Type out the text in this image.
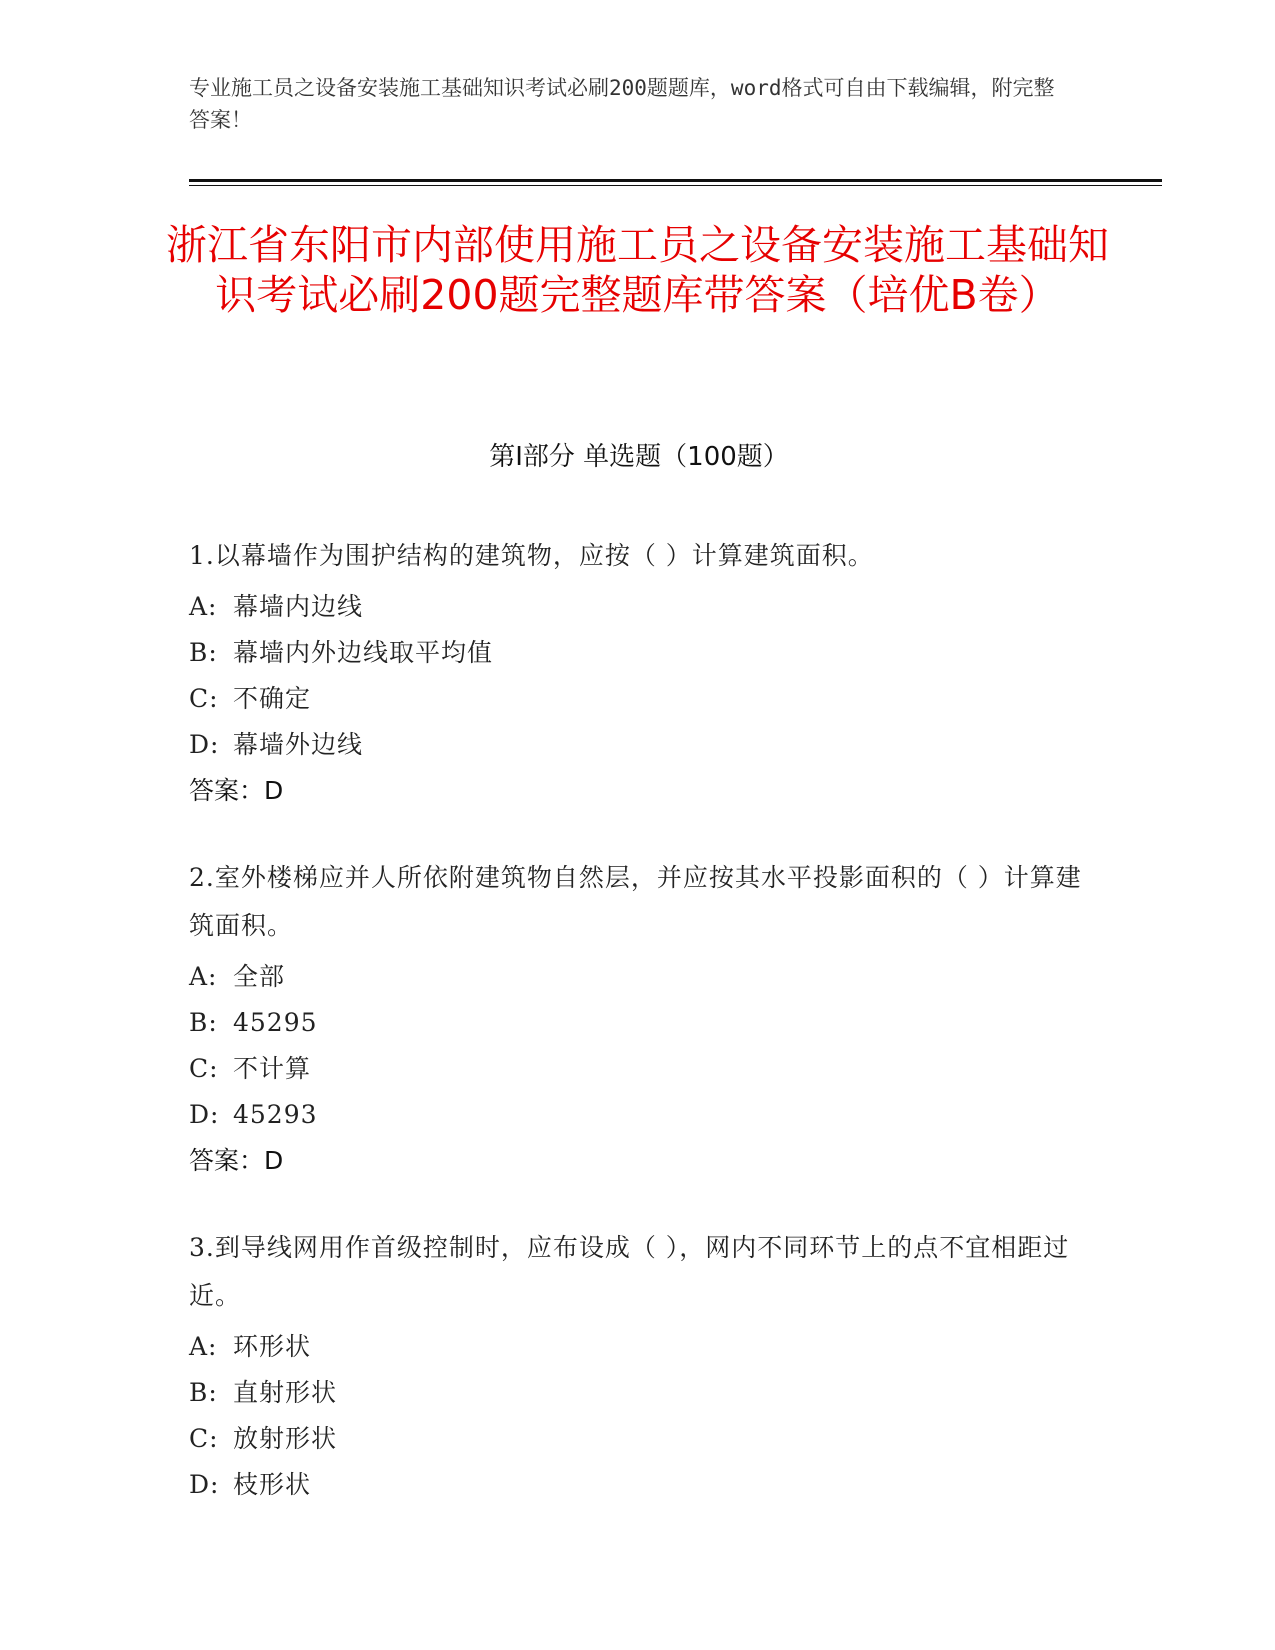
专业施工员之设备安装施工基础知识考试必刷200题题库，word格式可自由下载编辑，附完整答案！
浙江省东阳市内部使用施工员之设备安装施工基础知识考试必刷200题完整题库带答案（培优B卷）
第Ⅰ部分 单选题（100题）
1.以幕墙作为围护结构的建筑物，应按（ ）计算建筑面积。
A: 幕墙内边线
B: 幕墙内外边线取平均值
C: 不确定
D: 幕墙外边线
答案：D
2.室外楼梯应并人所依附建筑物自然层，并应按其水平投影面积的（ ）计算建筑面积。
A: 全部
B: 45295
C: 不计算
D: 45293
答案：D
3.到导线网用作首级控制时，应布设成（ ），网内不同环节上的点不宜相距过近。
A: 环形状
B: 直射形状
C: 放射形状
D: 枝形状
